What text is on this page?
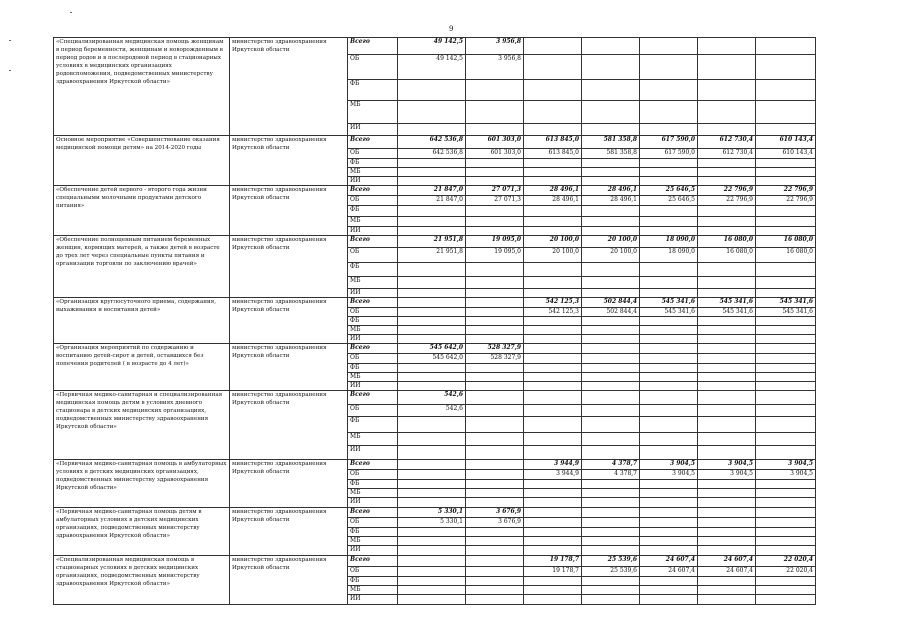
9
«Специализированная медицинская помощь женщинам в период беременности, женщинам и новорожденным в период родов и в послеродовой период в стационарных условиях в медицинских организациях родовспоможения, подведомственных министерству здравоохранения Иркутской области»	министерство здравоохранения Иркутской области	Всего	49 142,5	3 956,8					
		ОБ	49 142,5	3 956,8					
		ФБ							
		МБ							
		ИИ							
Основное мероприятие «Совершенствование оказания медицинской помощи детям» на 2014-2020 годы	министерство здравоохранения Иркутской области	Всего	642 536,8	601 303,0	613 845,0	581 358,8	617 590,0	612 730,4	610 143,4
		ОБ	642 536,8	601 303,0	613 845,0	581 358,8	617 590,0	612 730,4	610 143,4
		ФБ							
		МБ							
		ИИ							
«Обеспечение детей первого - второго года жизни специальными молочными продуктами детского питания»	министерство здравоохранения Иркутской области	Всего	21 847,0	27 071,3	28 496,1	28 496,1	25 646,5	22 796,9	22 796,9
		ОБ	21 847,0	27 071,3	28 496,1	28 496,1	25 646,5	22 796,9	22 796,9
		ФБ							
		МБ							
		ИИ							
«Обеспечение полноценным питанием беременных женщин, кормящих матерей, а также детей в возрасте до трех лет через специальные пункты питания и организации торговли по заключению врачей»	министерство здравоохранения Иркутской области	Всего	21 951,8	19 095,0	20 100,0	20 100,0	18 090,0	16 080,0	16 080,0
		ОБ	21 951,8	19 095,0	20 100,0	20 100,0	18 090,0	16 080,0	16 080,0
		ФБ							
		МБ							
		ИИ							
«Организация круглосуточного приема, содержания, выхаживания и воспитания детей»	министерство здравоохранения Иркутской области	Всего			542 125,3	502 844,4	545 341,6	545 341,6	545 341,6
		ОБ			542 125,3	502 844,4	545 341,6	545 341,6	545 341,6
		ФБ							
		МБ							
		ИИ							
«Организация мероприятий по содержанию и воспитанию детей-сирот и детей, оставшихся без попечения родителей ( в возрасте до 4 лет)»	министерство здравоохранения Иркутской области	Всего	545 642,0	528 327,9					
		ОБ	545 642,0	528 327,9					
		ФБ							
		МБ							
		ИИ							
«Первичная медико-санитарная и специализированная медицинская помощь детям в условиях дневного стационара в детских медицинских организациях, подведомственных министерству здравоохранения Иркутской области»	министерство здравоохранения Иркутской области	Всего	542,6						
		ОБ	542,6						
		ФБ							
		МБ							
		ИИ							
«Первичная медико-санитарная помощь в амбулаторных условиях в детских медицинских организациях, подведомственных министерству здравоохранения Иркутской области»	министерство здравоохранения Иркутской области	Всего			3 944,9	4 378,7	3 904,5	3 904,5	3 904,5
		ОБ			3 944,9	4 378,7	3 904,5	3 904,5	3 904,5
		ФБ							
		МБ							
		ИИ							
«Первичная медико-санитарная помощь детям в амбулаторных условиях в детских медицинских организациях, подведомственных министерству здравоохранения Иркутской области»	министерство здравоохранения Иркутской области	Всего	5 330,1	3 676,9					
		ОБ	5 330,1	3 676,9					
		ФБ							
		МБ							
		ИИ							
«Специализированная медицинская помощь в стационарных условиях в детских медицинских организациях, подведомственных министерству здравоохранения Иркутской области»	министерство здравоохранения Иркутской области	Всего			19 178,7	25 539,6	24 607,4	24 607,4	22 020,4
		ОБ			19 178,7	25 539,6	24 607,4	24 607,4	22 020,4
		ФБ							
		МБ							
		ИИ							
